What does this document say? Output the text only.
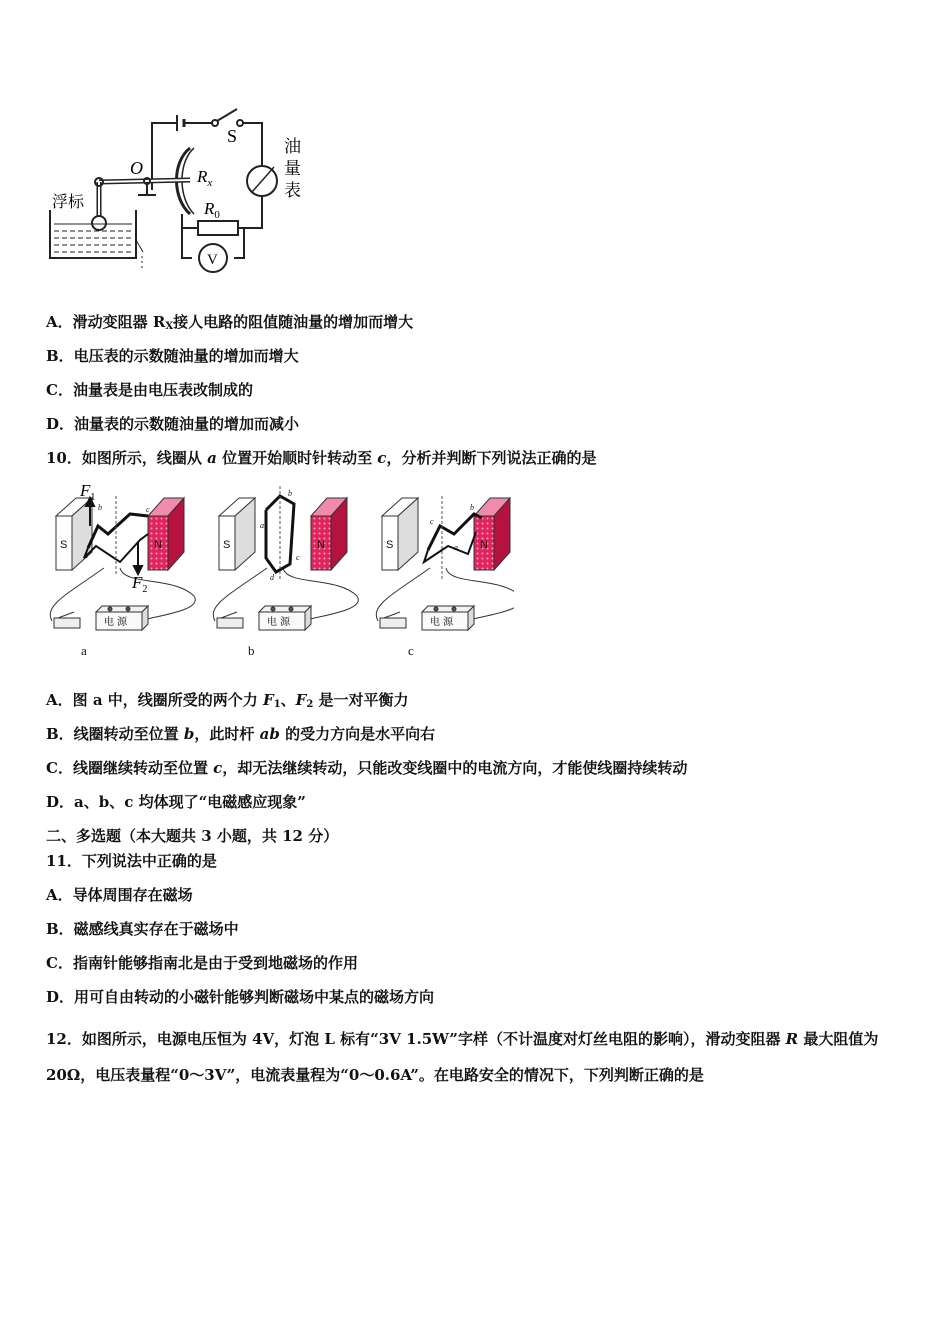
S
O	$R_x$
$R_0$
浮标
V
油
量
表
A．滑动变阻器 $R_X$接人电路的阻值随油量的增加而增大
B．电压表的示数随油量的增加而增大
C．油量表是由电压表改制成的
D．油量表的示数随油量的增加而减小
10．如图所示，线圈从 a 位置开始顺时针转动至 c，分析并判断下列说法正确的是
$F_1$
$F_2$
S	N	S	N	S	N
b	c
a
b
a
c
d
b
c
a
电 源	电 源	电 源
a	b	c
A．图 a 中，线圈所受的两个力 $F_1$、$F_2$ 是一对平衡力
B．线圈转动至位置 b，此时杆 ab 的受力方向是水平向右
C．线圈继续转动至位置 c，却无法继续转动，只能改变线圈中的电流方向，才能使线圈持续转动
D．a、b、c 均体现了“电磁感应现象”
二、多选题（本大题共 3 小题，共 12 分）
11．下列说法中正确的是
A．导体周围存在磁场
B．磁感线真实存在于磁场中
C．指南针能够指南北是由于受到地磁场的作用
D．用可自由转动的小磁针能够判断磁场中某点的磁场方向
12．如图所示，电源电压恒为 4V，灯泡 L 标有“3V 1.5W”字样（不计温度对灯丝电阻的影响），滑动变阻器 R 最大阻值为 20Ω，电压表量程“0～3V”，电流表量程为“0～0.6A”。在电路安全的情况下，下列判断正确的是
